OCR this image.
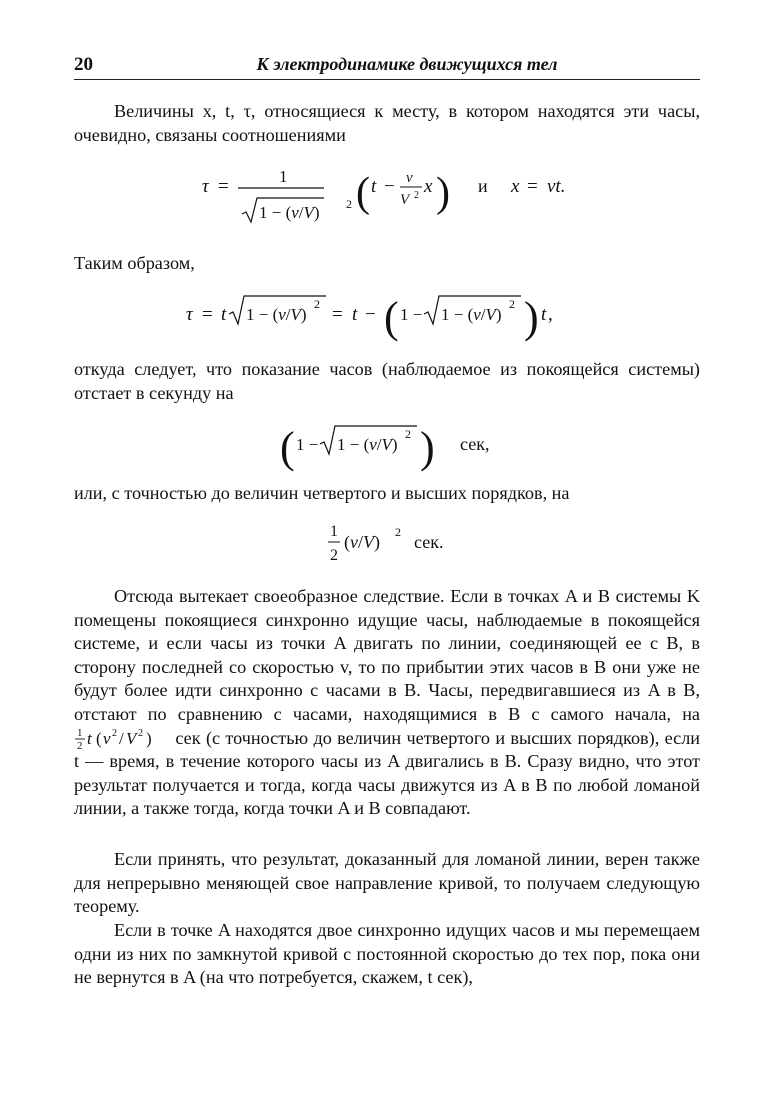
20	К электродинамике движущихся тел

Величины x, t, τ, относящиеся к месту, в котором находятся эти часы, очевидно, связаны соотношениями

τ =	1
1 − (v/V) 2 ( t − v
V 2 x ) и x = vt.

Таким образом,

τ = t 1 − (v/V)
2 = t − ( 1 − 1 − (v/V)
2 ) t ,

откуда следует, что показание часов (наблюдаемое из покоящейся системы) отстает в секунду на

( 1 − 1 − (v/V)
2 ) сек,

или, с точностью до величин четвертого и высших порядков, на

1
2
(v/V) 2 сек.

Отсюда вытекает своеобразное следствие. Если в точках A и B системы K помещены покоящиеся синхронно идущие часы, наблюдаемые в покоящейся системе, и если часы из точки A двигать по линии, соединяющей ее с B, в сторону последней со скоростью v, то по прибытии этих часов в B они уже не будут более идти синхронно с часами в B. Часы, передвигавшиеся из A в B, отстают по сравнению с часами, находящимися в B с самого начала, на
1
2 t ( v 2 / V 2 ) сек (с точностью до величин четвертого и высших порядков), если t — время, в течение которого часы из A двигались в B. Сразу видно, что этот результат получается и тогда, когда часы движутся из A в B по любой ломаной линии, а также тогда, когда точки A и B совпадают.

Если принять, что результат, доказанный для ломаной линии, верен также для непрерывно меняющей свое направление кривой, то получаем следующую теорему.

Если в точке A находятся двое синхронно идущих часов и мы перемещаем одни из них по замкнутой кривой с постоянной скоростью до тех пор, пока они не вернутся в A (на что потребуется, скажем, t сек),
